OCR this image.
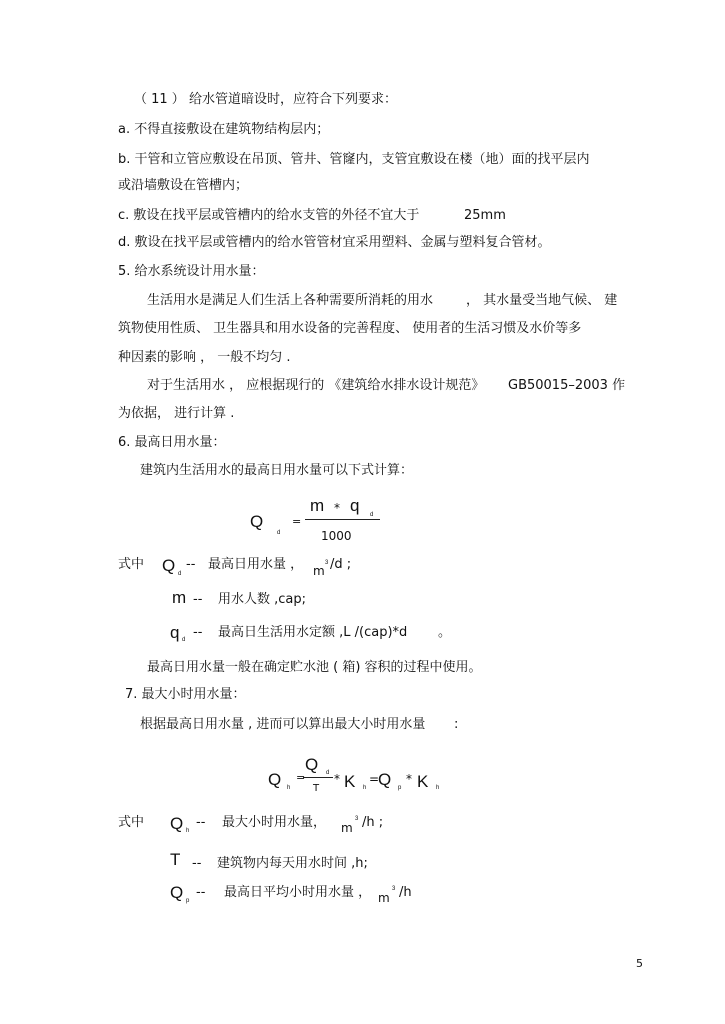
（ 11 ） 给水管道暗设时，应符合下列要求：
a. 不得直接敷设在建筑物结构层内；
b. 干管和立管应敷设在吊顶、管井、管窿内，支管宜敷设在楼（地）面的找平层内
或沿墙敷设在管槽内；
c. 敷设在找平层或管槽内的给水支管的外径不宜大于	25mm
d. 敷设在找平层或管槽内的给水管管材宜采用塑料、金属与塑料复合管材。
5. 给水系统设计用水量：
生活用水是满足人们生活上各种需要所消耗的用水	， 其水量受当地气候、 建
筑物使用性质、 卫生器具和用水设备的完善程度、 使用者的生活习惯及水价等多
种因素的影响 ， 一般不均匀 .
对于生活用水 ， 应根据现行的 《建筑给水排水设计规范》 GB50015–2003 作
为依据， 进行计算 .
6. 最高日用水量：
建筑内生活用水的最高日用水量可以下式计算：
Q
d
=
m * q d
1000
式中 Q d
-- 最高日用水量 ， m
3 /d ;
m -- 用水人数 ,cap;
q d -- 最高日生活用水定额 ,L /(cap)*d 。
最高日用水量一般在确定贮水池 ( 箱) 容积的过程中使用。
7. 最大小时用水量：
根据最高日用水量 , 进而可以算出最大小时用水量 :
Q h
=
Q d
T
* K h
=
Q p
* K h
式中 Q h
-- 最大小时用水量， m
3 /h ;
T -- 建筑物内每天用水时间 ,h;
Q p
-- 最高日平均小时用水量 ， m
3 /h
5
